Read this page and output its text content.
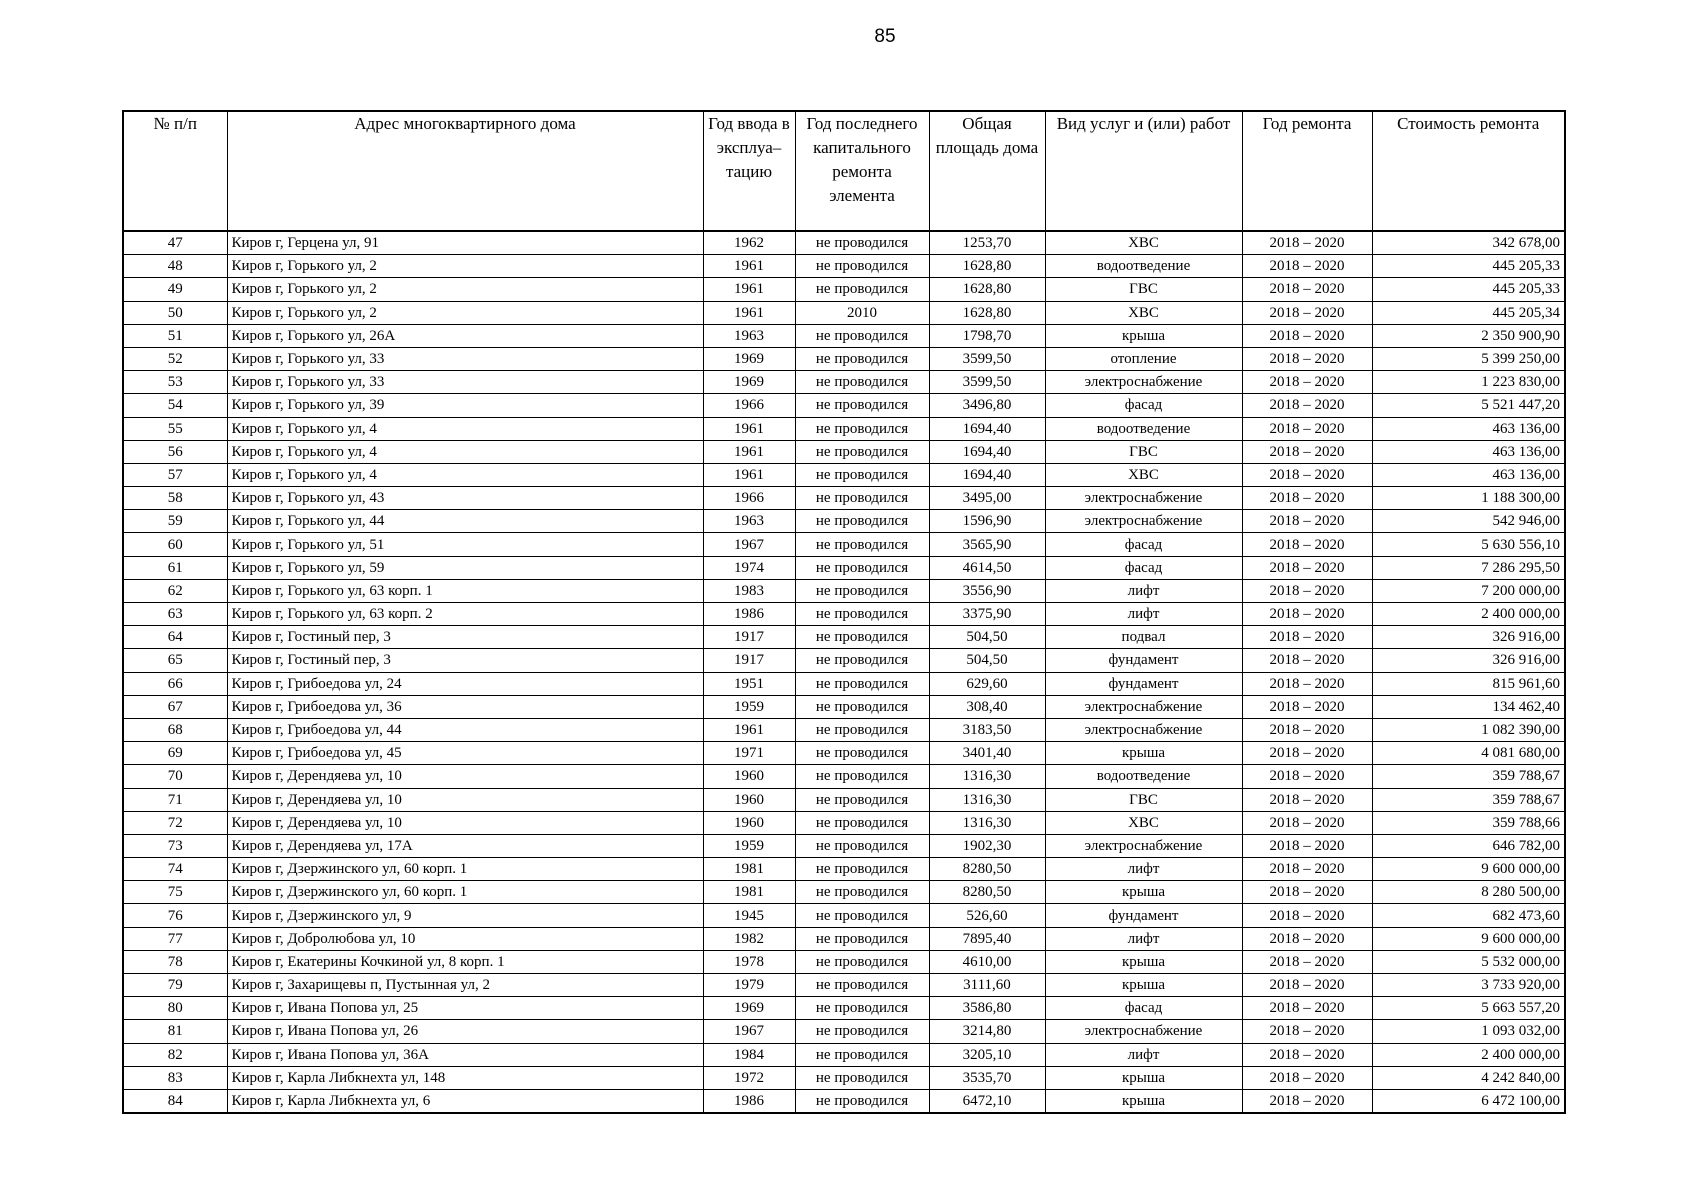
85
№ п/п	Адрес многоквартирного дома	Год ввода в эксплуа– тацию	Год последнего капитального ремонта элемента	Общая площадь дома	Вид услуг и (или) работ	Год ремонта	Стоимость ремонта
47	Киров г, Герцена ул, 91	1962	не проводился	1253,70	ХВС	2018 – 2020	342 678,00
48	Киров г, Горького ул, 2	1961	не проводился	1628,80	водоотведение	2018 – 2020	445 205,33
49	Киров г, Горького ул, 2	1961	не проводился	1628,80	ГВС	2018 – 2020	445 205,33
50	Киров г, Горького ул, 2	1961	2010	1628,80	ХВС	2018 – 2020	445 205,34
51	Киров г, Горького ул, 26А	1963	не проводился	1798,70	крыша	2018 – 2020	2 350 900,90
52	Киров г, Горького ул, 33	1969	не проводился	3599,50	отопление	2018 – 2020	5 399 250,00
53	Киров г, Горького ул, 33	1969	не проводился	3599,50	электроснабжение	2018 – 2020	1 223 830,00
54	Киров г, Горького ул, 39	1966	не проводился	3496,80	фасад	2018 – 2020	5 521 447,20
55	Киров г, Горького ул, 4	1961	не проводился	1694,40	водоотведение	2018 – 2020	463 136,00
56	Киров г, Горького ул, 4	1961	не проводился	1694,40	ГВС	2018 – 2020	463 136,00
57	Киров г, Горького ул, 4	1961	не проводился	1694,40	ХВС	2018 – 2020	463 136,00
58	Киров г, Горького ул, 43	1966	не проводился	3495,00	электроснабжение	2018 – 2020	1 188 300,00
59	Киров г, Горького ул, 44	1963	не проводился	1596,90	электроснабжение	2018 – 2020	542 946,00
60	Киров г, Горького ул, 51	1967	не проводился	3565,90	фасад	2018 – 2020	5 630 556,10
61	Киров г, Горького ул, 59	1974	не проводился	4614,50	фасад	2018 – 2020	7 286 295,50
62	Киров г, Горького ул, 63 корп. 1	1983	не проводился	3556,90	лифт	2018 – 2020	7 200 000,00
63	Киров г, Горького ул, 63 корп. 2	1986	не проводился	3375,90	лифт	2018 – 2020	2 400 000,00
64	Киров г, Гостиный пер, 3	1917	не проводился	504,50	подвал	2018 – 2020	326 916,00
65	Киров г, Гостиный пер, 3	1917	не проводился	504,50	фундамент	2018 – 2020	326 916,00
66	Киров г, Грибоедова ул, 24	1951	не проводился	629,60	фундамент	2018 – 2020	815 961,60
67	Киров г, Грибоедова ул, 36	1959	не проводился	308,40	электроснабжение	2018 – 2020	134 462,40
68	Киров г, Грибоедова ул, 44	1961	не проводился	3183,50	электроснабжение	2018 – 2020	1 082 390,00
69	Киров г, Грибоедова ул, 45	1971	не проводился	3401,40	крыша	2018 – 2020	4 081 680,00
70	Киров г, Дерендяева ул, 10	1960	не проводился	1316,30	водоотведение	2018 – 2020	359 788,67
71	Киров г, Дерендяева ул, 10	1960	не проводился	1316,30	ГВС	2018 – 2020	359 788,67
72	Киров г, Дерендяева ул, 10	1960	не проводился	1316,30	ХВС	2018 – 2020	359 788,66
73	Киров г, Дерендяева ул, 17А	1959	не проводился	1902,30	электроснабжение	2018 – 2020	646 782,00
74	Киров г, Дзержинского ул, 60 корп. 1	1981	не проводился	8280,50	лифт	2018 – 2020	9 600 000,00
75	Киров г, Дзержинского ул, 60 корп. 1	1981	не проводился	8280,50	крыша	2018 – 2020	8 280 500,00
76	Киров г, Дзержинского ул, 9	1945	не проводился	526,60	фундамент	2018 – 2020	682 473,60
77	Киров г, Добролюбова ул, 10	1982	не проводился	7895,40	лифт	2018 – 2020	9 600 000,00
78	Киров г, Екатерины Кочкиной ул, 8 корп. 1	1978	не проводился	4610,00	крыша	2018 – 2020	5 532 000,00
79	Киров г, Захарищевы п, Пустынная ул, 2	1979	не проводился	3111,60	крыша	2018 – 2020	3 733 920,00
80	Киров г, Ивана Попова ул, 25	1969	не проводился	3586,80	фасад	2018 – 2020	5 663 557,20
81	Киров г, Ивана Попова ул, 26	1967	не проводился	3214,80	электроснабжение	2018 – 2020	1 093 032,00
82	Киров г, Ивана Попова ул, 36А	1984	не проводился	3205,10	лифт	2018 – 2020	2 400 000,00
83	Киров г, Карла Либкнехта ул, 148	1972	не проводился	3535,70	крыша	2018 – 2020	4 242 840,00
84	Киров г, Карла Либкнехта ул, 6	1986	не проводился	6472,10	крыша	2018 – 2020	6 472 100,00
